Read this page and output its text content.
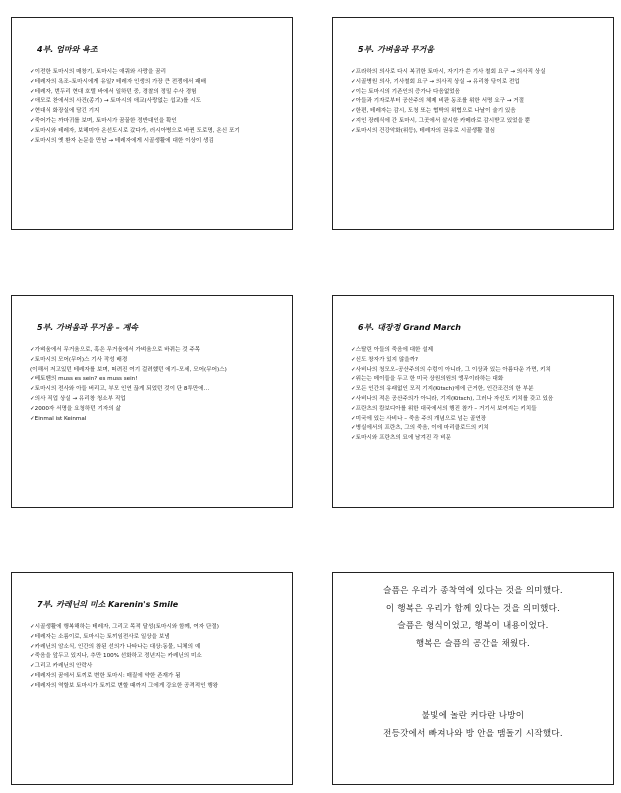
4부. 엄마와 욕조
✓이전한 토마시의 매창기, 토마시는 애쿼와 사랑을 꿈리
✓테레자의 욕조–토마시에게 유일? 테레자 인생의 가장 큰 전쟁에서 패배
✓테레자, 번두리 현대 호텔 바에서 일하던 중, 경찰의 정밀 수사 경험
✓애모로 찬에서의 사건(종기) → 토마시의 애교(사랑없는 섭교)를 시도
✓현대식 화장실에 담긴 기지
✓죽어가는 까마귀를 보며, 토마시가 꿈꿀한 정반대인을 확인
✓토마시와 테레자, 보헤미아 온선도시로 갔다가, 러시아병으로 바뀐 도로명, 온신 포기
✓토마시의 옛 환자 논문을 만남 → 테레자에게 시골생활에 대한 이상이 생김
5부. 가벼움과 무거움
✓프라하의 의사로 다시 복귀한 토마시, 자기가 쓴 기사 철회 요구 → 의사직 상실
✓시골병원 의사, 기사철회 요구 → 의사직 상실 → 유리창 닦이로 전업
✓이는 토마시의 기존인의 증가나 다음없었음
✓아들과 기자로부터 공산주의 체제 비판 동조를 위한 서명 요구 → 거절
✓한편, 테레자는 감시, 도청 또는 협박의 위협으로 나날이 술기 있음
✓지인 장례식에 간 토마시, 그곳에서 살시한 카메라로 감시받고 있었을 뿐
✓토마시의 건강악화(위등), 테레자의 권유로 시골생활 결심
5부. 가벼움과 무거움 – 계속
✓가벼움에서 무거움으로, 혹은 무거움에서 가벼움으로 바뀌는 것 주목
✓토마시의 모어(무어)스 기사 작성 배경
(이해서 저고있던 테레자를 보며, 떠려진 여기 걸려했던 에기–모세, 모어(무어)스)
✓베토벤의 muss es sein? es muss sein!
✓토마시의 전사와 아들 버리고, 부모 인연 끊게 되었던 것이 단 8투만에…
✓의사 직업 상실 → 유리창 청소부 직업
✓2000자 서명을 요청하던 기자의 삶
✓Einmal ist Keinmal
6부. 대장정 Grand March
✓스탈린 아들의 죽음에 대한 설제
✓신도 창자가 있지 않을까?
✓사비나의 청모오–공산주의의 수렁이 아니라, 그 이상과 있는 아름다운 가면, 키치
✓위는는 메이들을 두고 한 미국 상원의원의 앵무이라하는 대화
✓모든 인간의 유래없인 모직 기지(Kitsch)에에 근거한, 인간조건의 한 부분
✓사비나의 적은 공산주의가 아니라, 기지(Kitsch), 그러나 자신도 키치를 갖고 있음
✓프란츠의 캄보디아를 위한 대국에서의 행진 참가 – 거기서 보여지는 키치들
✓미국에 있는 사비나 – 죽음 주의 개념으로 넘는 골연장
✓병실에서의 프란츠, 그의 죽음, 이에 마리클로드의 키치
✓토마시와 프란츠의 묘에 남겨진 각 비문
7부. 카레닌의 미소 Karenin's Smile
✓시골생활에 행복해하는 테레자, 그리고 목적 달성(토마시와 함께, 여자 단절)
✓테레자는 소름이로, 토마시는 토끼임전사로 일상을 보냄
✓카레닌의 암소식, 인간의 참된 선의가 나타나는 대상:동물, 니체의 예
✓죽음을 앞두고 있지나, 추만 100% 선화하고 정년지는 카레닌의 미소
✓그리고 카레닌의 안락사
✓테레자의 꿈에서 토끼로 변한 토마시: 매질에 약한 존재가 됨
✓테레자의 역할보 토마시가 토끼로 변할 때까지 그에게 강요한 공격적인 행왕
슬픔은 우리가 종착역에 있다는 것을 의미했다.
이 행복은 우리가 함께 있다는 것을 의미했다.
슬픔은 형식이었고, 행복이 내용이었다.
행복은 슬픔의 공간을 채웠다.
불빛에 놀란 커다란 나방이
전등갓에서 빠져나와 방 안을 맴돌기 시작했다.
